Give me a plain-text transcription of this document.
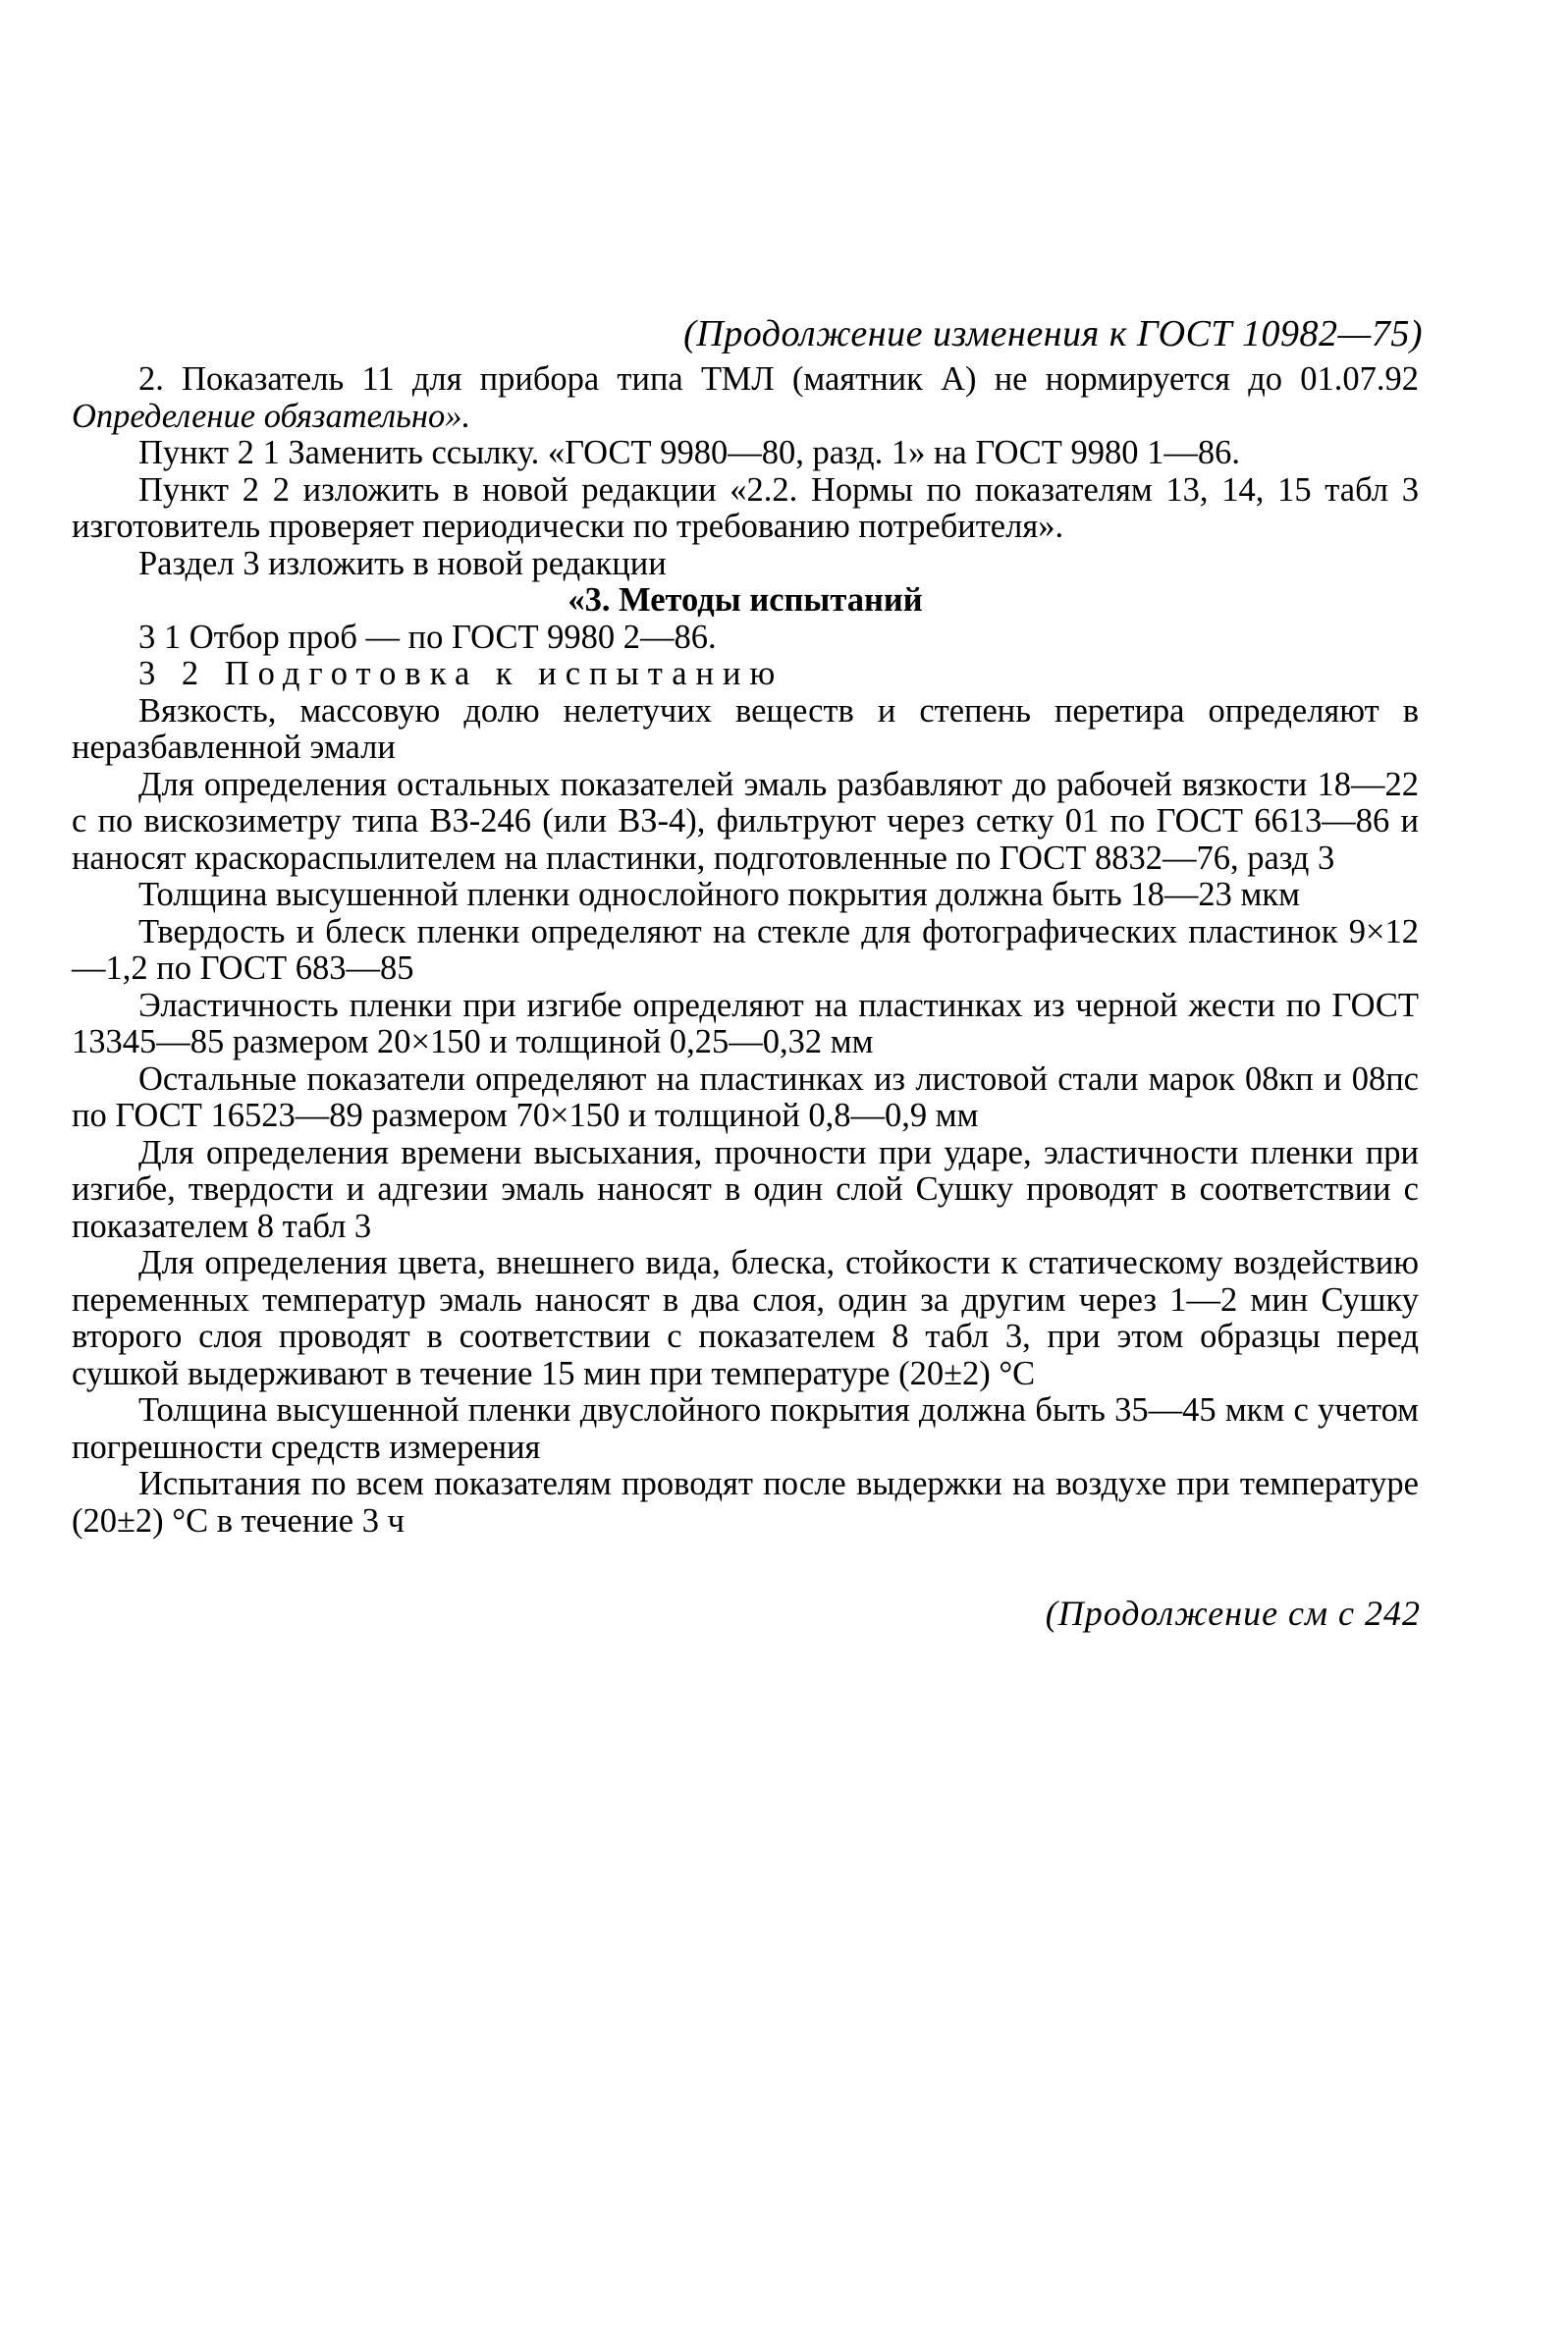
(Продолжение изменения к ГОСТ 10982—75)

2. Показатель 11 для прибора типа ТМЛ (маятник А) не нормируется до 01.07.92 Определение обязательно».

Пункт 2 1 Заменить ссылку. «ГОСТ 9980—80, разд. 1» на ГОСТ 9980 1—86.

Пункт 2 2 изложить в новой редакции «2.2. Нормы по показателям 13, 14, 15 табл 3 изготовитель проверяет периодически по требованию потребителя».

Раздел 3 изложить в новой редакции

«3. Методы испытаний

3 1 Отбор проб — по ГОСТ 9980 2—86.

3 2 Подготовка к испытанию

Вязкость, массовую долю нелетучих веществ и степень перетира определяют в неразбавленной эмали

Для определения остальных показателей эмаль разбавляют до рабочей вязкости 18—22 с по вискозиметру типа ВЗ-246 (или ВЗ-4), фильтруют через сетку 01 по ГОСТ 6613—86 и наносят краскораспылителем на пластинки, подготовленные по ГОСТ 8832—76, разд 3

Толщина высушенной пленки однослойного покрытия должна быть 18—23 мкм

Твердость и блеск пленки определяют на стекле для фотографических пластинок 9×12—1,2 по ГОСТ 683—85

Эластичность пленки при изгибе определяют на пластинках из черной жести по ГОСТ 13345—85 размером 20×150 и толщиной 0,25—0,32 мм

Остальные показатели определяют на пластинках из листовой стали марок 08кп и 08пс по ГОСТ 16523—89 размером 70×150 и толщиной 0,8—0,9 мм

Для определения времени высыхания, прочности при ударе, эластичности пленки при изгибе, твердости и адгезии эмаль наносят в один слой Сушку проводят в соответствии с показателем 8 табл 3

Для определения цвета, внешнего вида, блеска, стойкости к статическому воздействию переменных температур эмаль наносят в два слоя, один за другим через 1—2 мин Сушку второго слоя проводят в соответствии с показателем 8 табл 3, при этом образцы перед сушкой выдерживают в течение 15 мин при температуре (20±2) °С

Толщина высушенной пленки двуслойного покрытия должна быть 35—45 мкм с учетом погрешности средств измерения

Испытания по всем показателям проводят после выдержки на воздухе при температуре (20±2) °С в течение 3 ч

(Продолжение см с 242
